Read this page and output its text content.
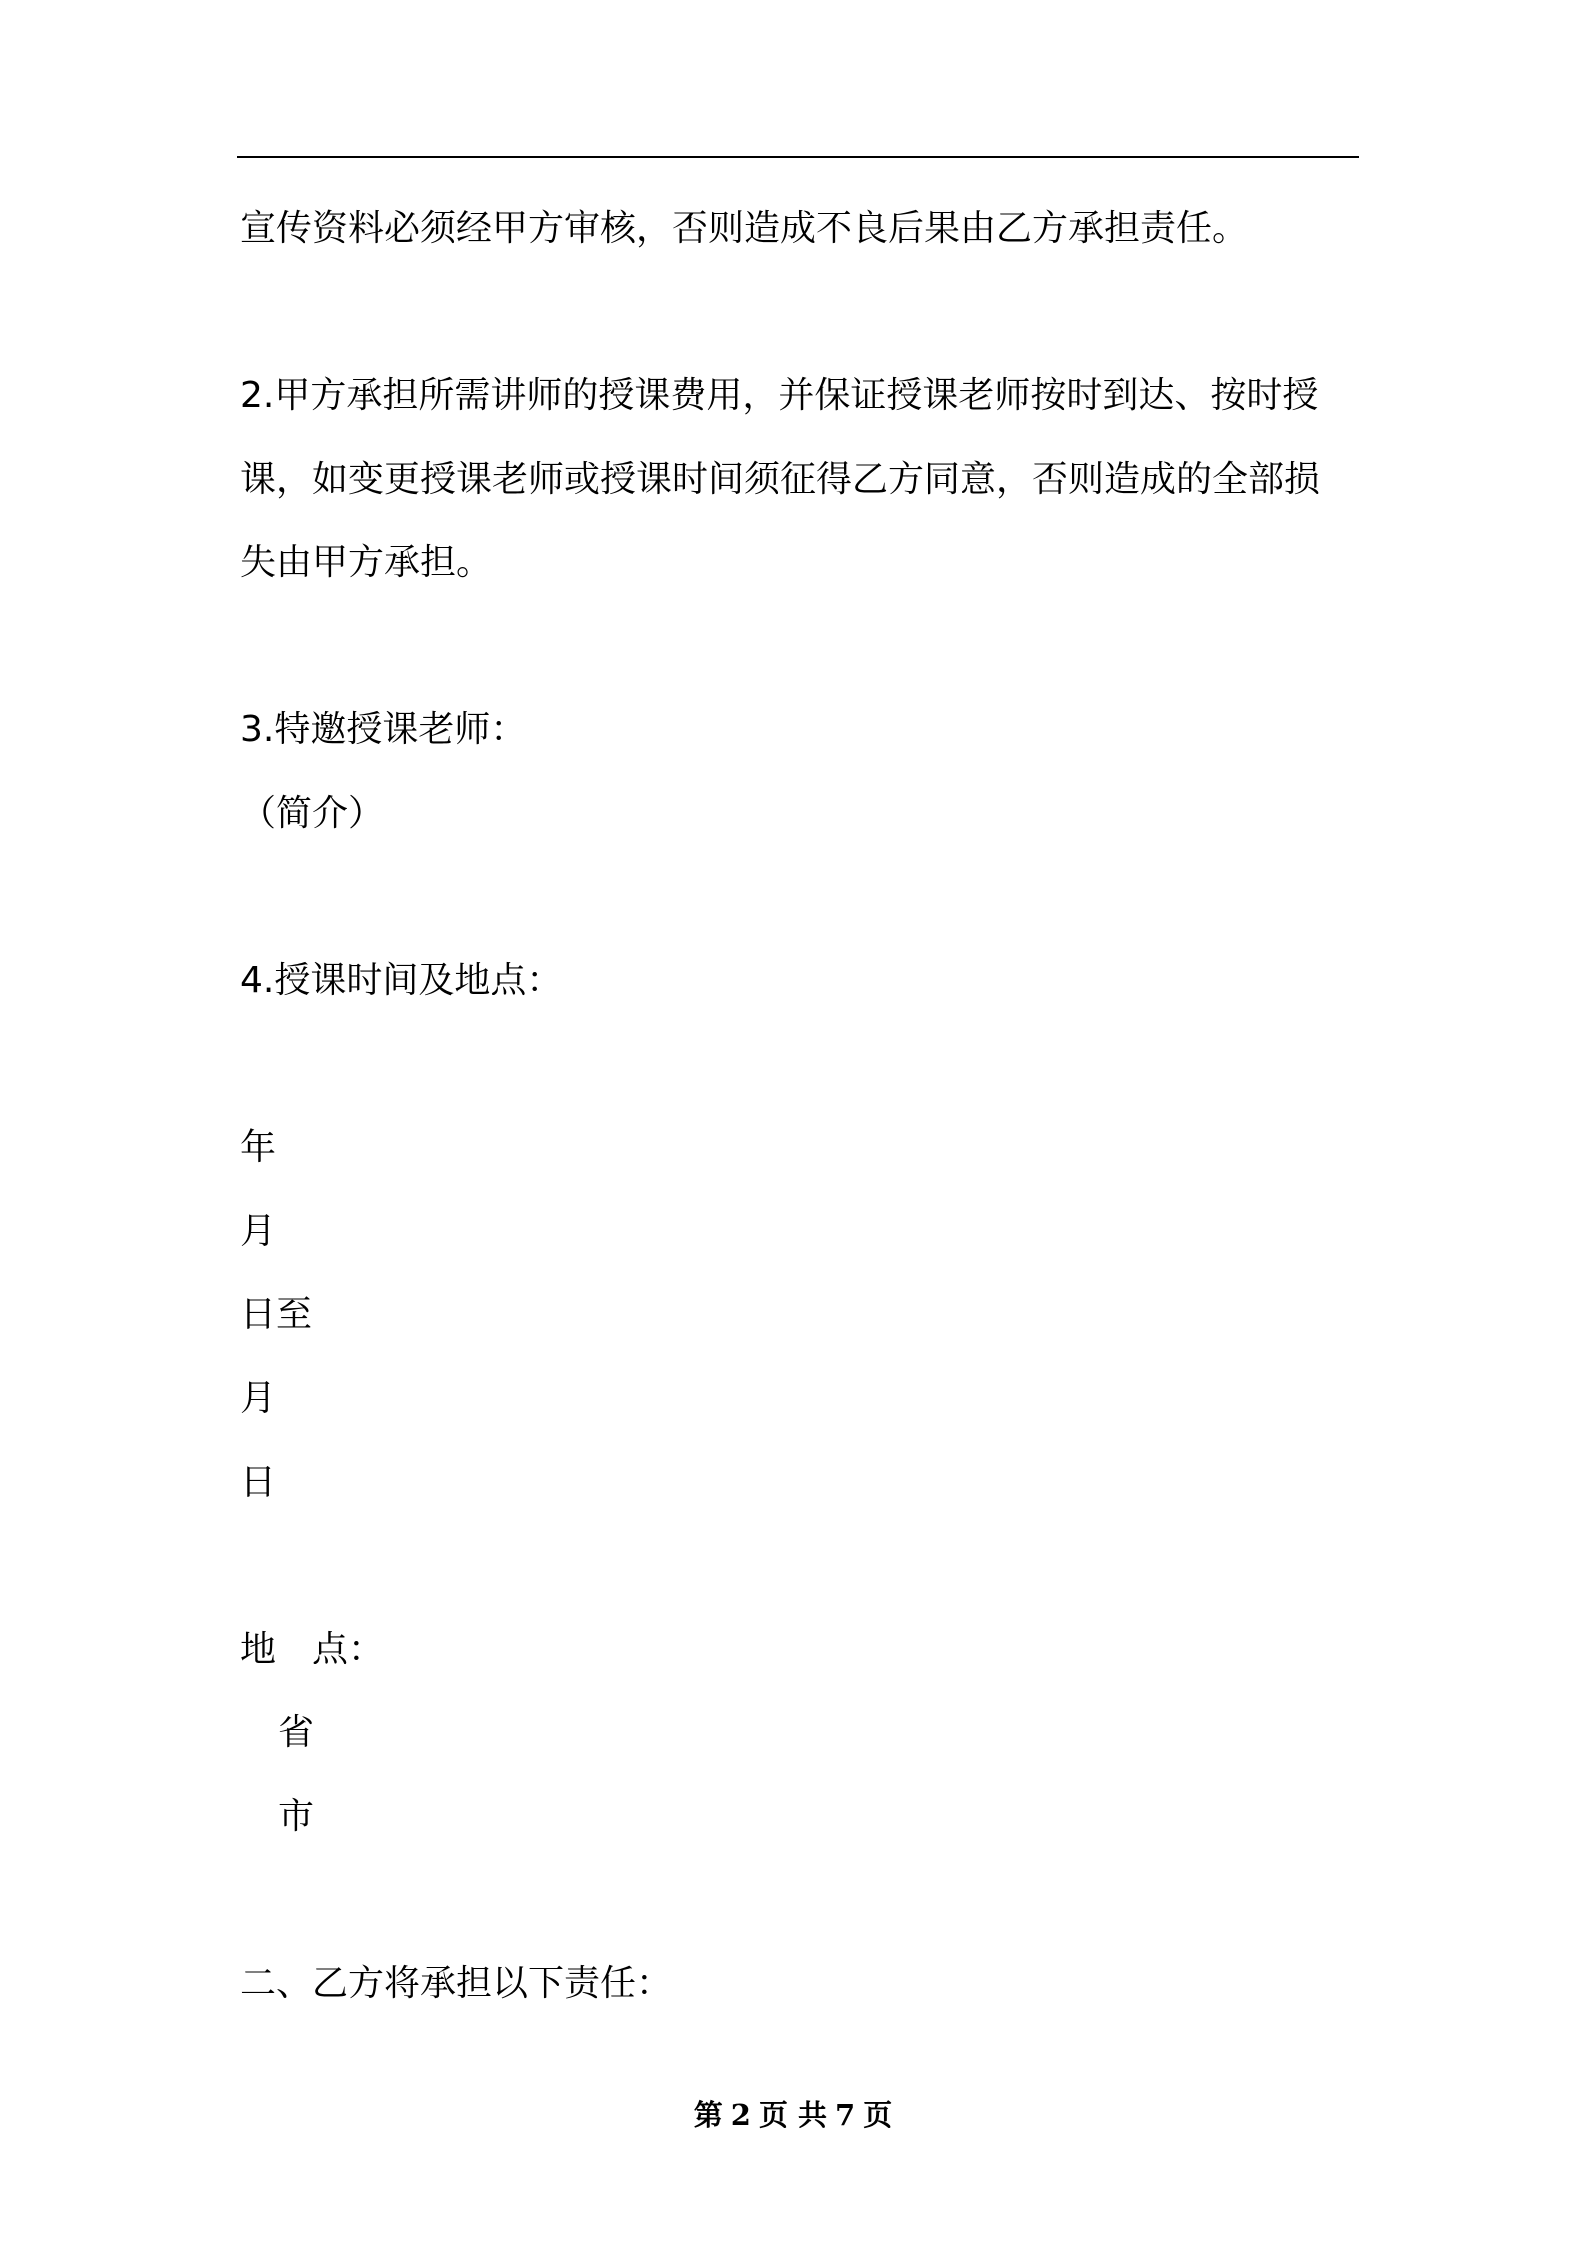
宣传资料必须经甲方审核，否则造成不良后果由乙方承担责任。
2.甲方承担所需讲师的授课费用，并保证授课老师按时到达、按时授
课，如变更授课老师或授课时间须征得乙方同意，否则造成的全部损
失由甲方承担。
3.特邀授课老师：
（简介）
4.授课时间及地点：
年
月
日至
月
日
地 点：
省
市
二、乙方将承担以下责任：
第 2 页 共 7 页
